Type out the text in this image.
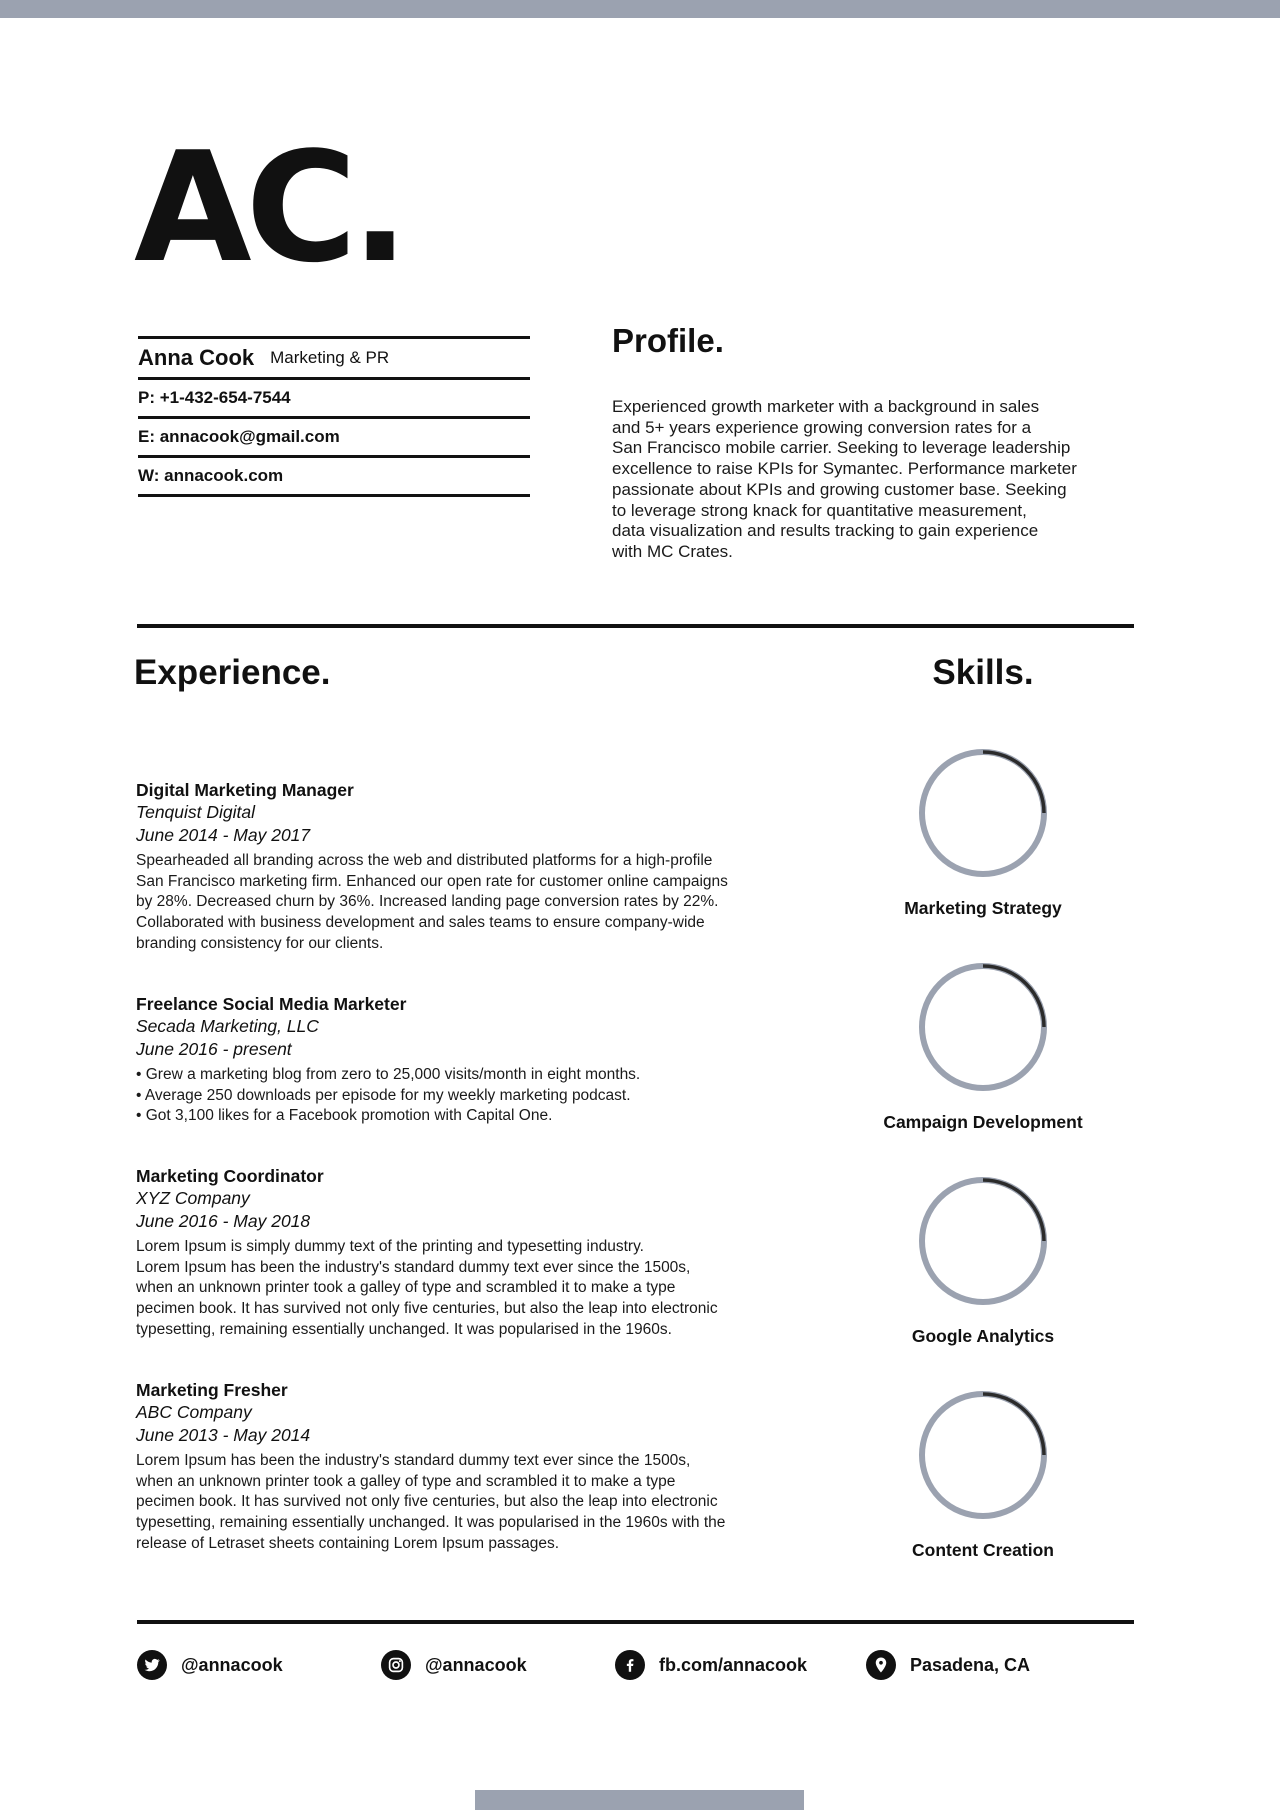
AC.
Anna Cook Marketing & PR
P: +1-432-654-7544
E: annacook@gmail.com
W: annacook.com
Profile.
Experienced growth marketer with a background in sales
and 5+ years experience growing conversion rates for a
San Francisco mobile carrier. Seeking to leverage leadership
excellence to raise KPIs for Symantec. Performance marketer
passionate about KPIs and growing customer base. Seeking
to leverage strong knack for quantitative measurement,
data visualization and results tracking to gain experience
with MC Crates.
Experience.	Skills.
Digital Marketing Manager
Tenquist Digital
June 2014 - May 2017
Spearheaded all branding across the web and distributed platforms for a high-profile
San Francisco marketing firm. Enhanced our open rate for customer online campaigns
by 28%. Decreased churn by 36%. Increased landing page conversion rates by 22%.
Collaborated with business development and sales teams to ensure company-wide
branding consistency for our clients.
Freelance Social Media Marketer
Secada Marketing, LLC
June 2016 - present
• Grew a marketing blog from zero to 25,000 visits/month in eight months.
• Average 250 downloads per episode for my weekly marketing podcast.
• Got 3,100 likes for a Facebook promotion with Capital One.
Marketing Coordinator
XYZ Company
June 2016 - May 2018
Lorem Ipsum is simply dummy text of the printing and typesetting industry.
Lorem Ipsum has been the industry's standard dummy text ever since the 1500s,
when an unknown printer took a galley of type and scrambled it to make a type
pecimen book. It has survived not only five centuries, but also the leap into electronic
typesetting, remaining essentially unchanged. It was popularised in the 1960s.
Marketing Fresher
ABC Company
June 2013 - May 2014
Lorem Ipsum has been the industry's standard dummy text ever since the 1500s,
when an unknown printer took a galley of type and scrambled it to make a type
pecimen book. It has survived not only five centuries, but also the leap into electronic
typesetting, remaining essentially unchanged. It was popularised in the 1960s with the
release of Letraset sheets containing Lorem Ipsum passages.
Marketing Strategy
Campaign Development
Google Analytics
Content Creation
@annacook	@annacook	fb.com/annacook	Pasadena, CA
